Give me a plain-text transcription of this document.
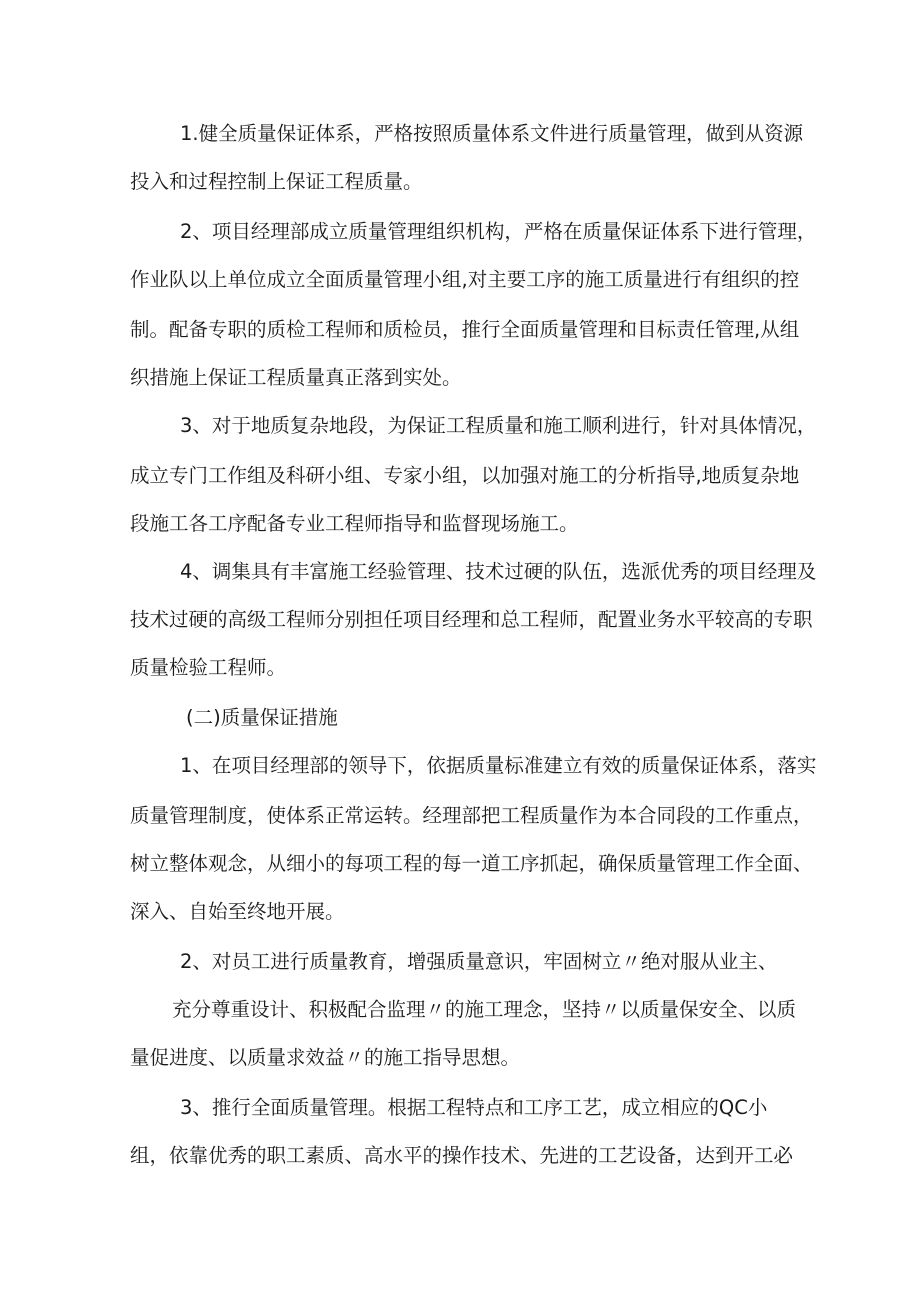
1.健全质量保证体系，严格按照质量体系文件进行质量管理，做到从资源
投入和过程控制上保证工程质量。
2、项目经理部成立质量管理组织机构，严格在质量保证体系下进行管理，
作业队以上单位成立全面质量管理小组,对主要工序的施工质量进行有组织的控
制。配备专职的质检工程师和质检员，推行全面质量管理和目标责任管理,从组
织措施上保证工程质量真正落到实处。
3、对于地质复杂地段，为保证工程质量和施工顺利进行，针对具体情况，
成立专门工作组及科研小组、专家小组，以加强对施工的分析指导,地质复杂地
段施工各工序配备专业工程师指导和监督现场施工。
4、调集具有丰富施工经验管理、技术过硬的队伍，选派优秀的项目经理及
技术过硬的高级工程师分别担任项目经理和总工程师，配置业务水平较高的专职
质量检验工程师。
(二)质量保证措施
1、在项目经理部的领导下，依据质量标准建立有效的质量保证体系，落实
质量管理制度，使体系正常运转。经理部把工程质量作为本合同段的工作重点，
树立整体观念，从细小的每项工程的每一道工序抓起，确保质量管理工作全面、
深入、自始至终地开展。
2、对员工进行质量教育，增强质量意识，牢固树立〃绝对服从业主、
充分尊重设计、积极配合监理〃的施工理念，坚持〃以质量保安全、以质
量促进度、以质量求效益〃的施工指导思想。
3、推行全面质量管理。根据工程特点和工序工艺，成立相应的QC小
组，依靠优秀的职工素质、高水平的操作技术、先进的工艺设备，达到开工必
